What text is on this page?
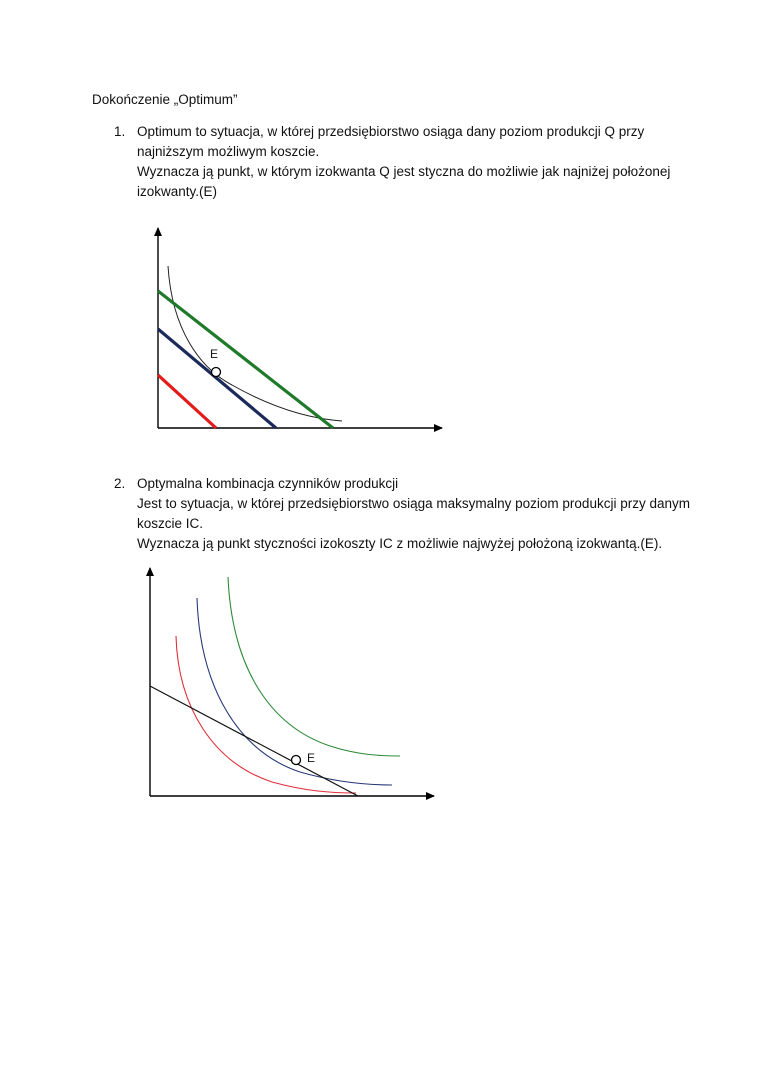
Dokończenie „Optimum”
1. Optimum to sytuacja, w której przedsiębiorstwo osiąga dany poziom produkcji Q przy
najniższym możliwym koszcie.
Wyznacza ją punkt, w którym izokwanta Q jest styczna do możliwie jak najniżej położonej
izokwanty.(E)
2. Optymalna kombinacja czynników produkcji
Jest to sytuacja, w której przedsiębiorstwo osiąga maksymalny poziom produkcji przy danym
koszcie IC.
Wyznacza ją punkt styczności izokoszty IC z możliwie najwyżej położoną izokwantą.(E).
E
E
